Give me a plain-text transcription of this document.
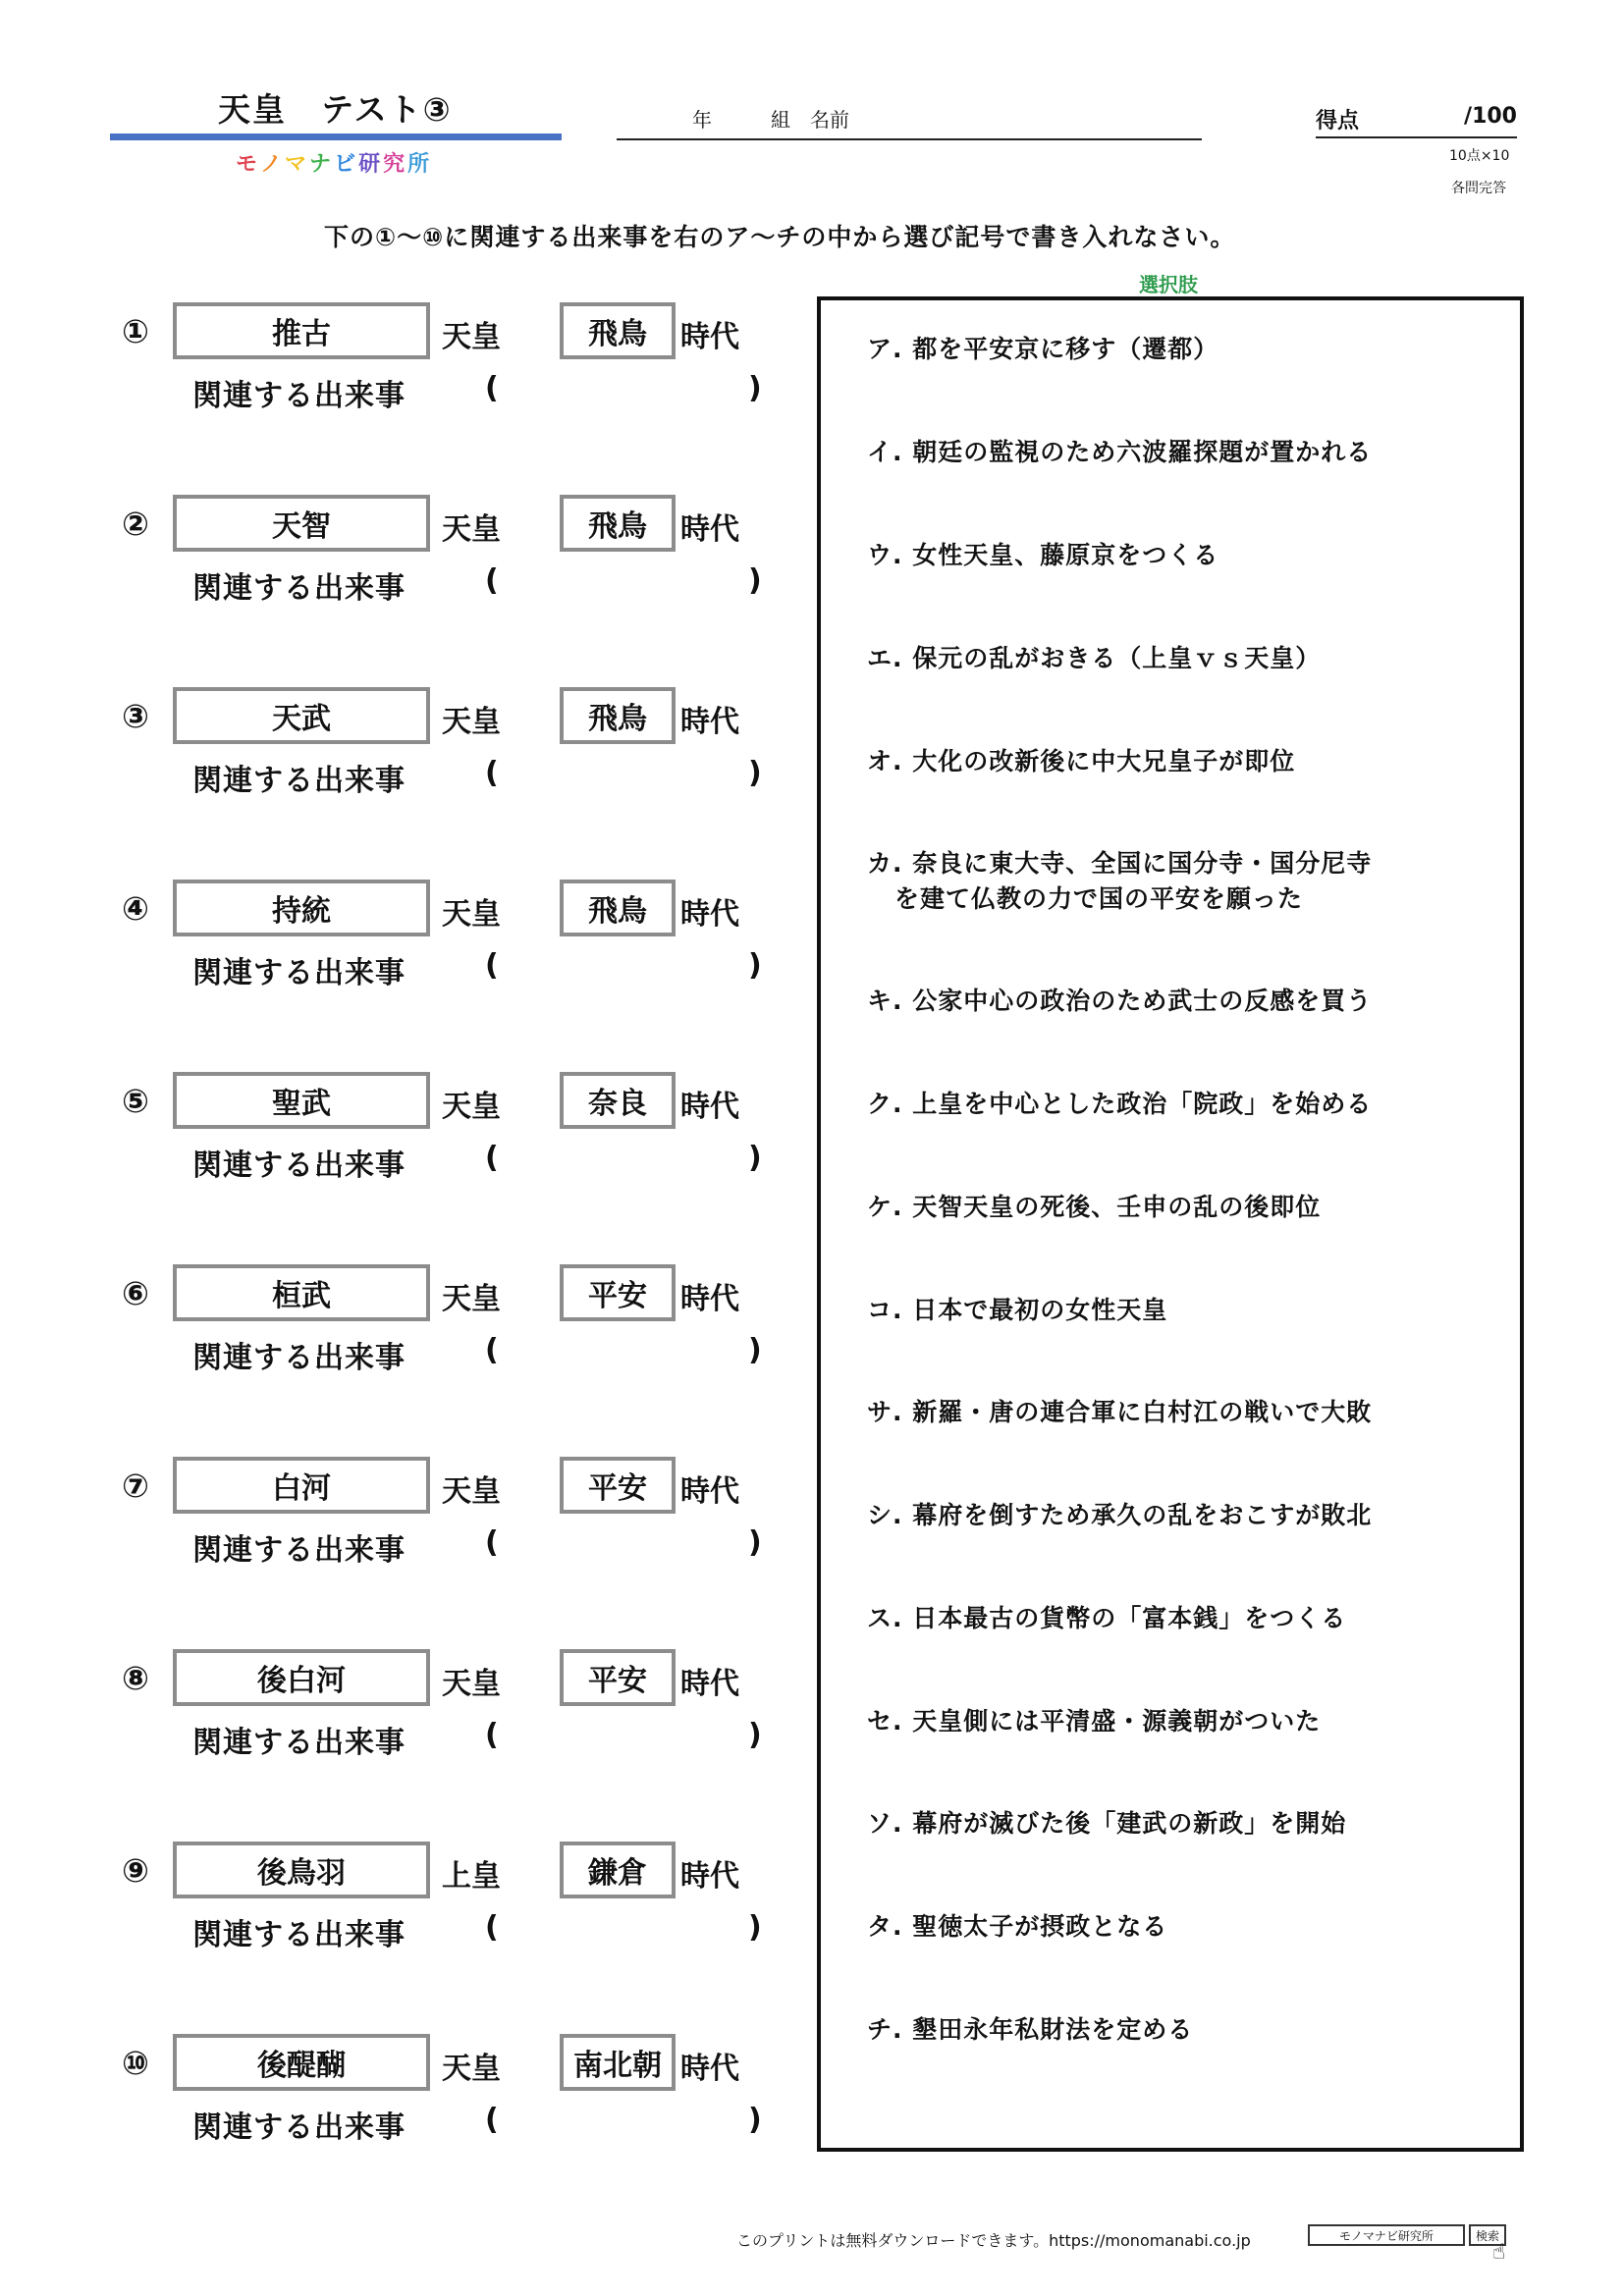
天皇　テスト③
モノマナビ研究所
年　　　組　名前	得点	/100
10点×10
各問完答
下の①～⑩に関連する出来事を右のア～チの中から選び記号で書き入れなさい。
選択肢
①	推古	天皇	飛鳥	時代
関連する出来事	(	)
②	天智	天皇	飛鳥	時代
関連する出来事	(	)
③	天武	天皇	飛鳥	時代
関連する出来事	(	)
④	持統	天皇	飛鳥	時代
関連する出来事	(	)
⑤	聖武	天皇	奈良	時代
関連する出来事	(	)
⑥	桓武	天皇	平安	時代
関連する出来事	(	)
⑦	白河	天皇	平安	時代
関連する出来事	(	)
⑧	後白河	天皇	平安	時代
関連する出来事	(	)
⑨	後鳥羽	上皇	鎌倉	時代
関連する出来事	(	)
⑩	後醍醐	天皇	南北朝 時代
関連する出来事	(	)
ア. 都を平安京に移す（遷都）
イ. 朝廷の監視のため六波羅探題が置かれる
ウ. 女性天皇、藤原京をつくる
エ. 保元の乱がおきる（上皇ｖｓ天皇）
オ. 大化の改新後に中大兄皇子が即位
カ. 奈良に東大寺、全国に国分寺・国分尼寺
を建て仏教の力で国の平安を願った
キ. 公家中心の政治のため武士の反感を買う
ク. 上皇を中心とした政治「院政」を始める
ケ. 天智天皇の死後、壬申の乱の後即位
コ. 日本で最初の女性天皇
サ. 新羅・唐の連合軍に白村江の戦いで大敗
シ. 幕府を倒すため承久の乱をおこすが敗北
ス. 日本最古の貨幣の「富本銭」をつくる
セ. 天皇側には平清盛・源義朝がついた
ソ. 幕府が滅びた後「建武の新政」を開始
タ. 聖徳太子が摂政となる
チ. 墾田永年私財法を定める
このプリントは無料ダウンロードできます。https://monomanabi.co.jp	モノマナビ研究所	検索
☝
